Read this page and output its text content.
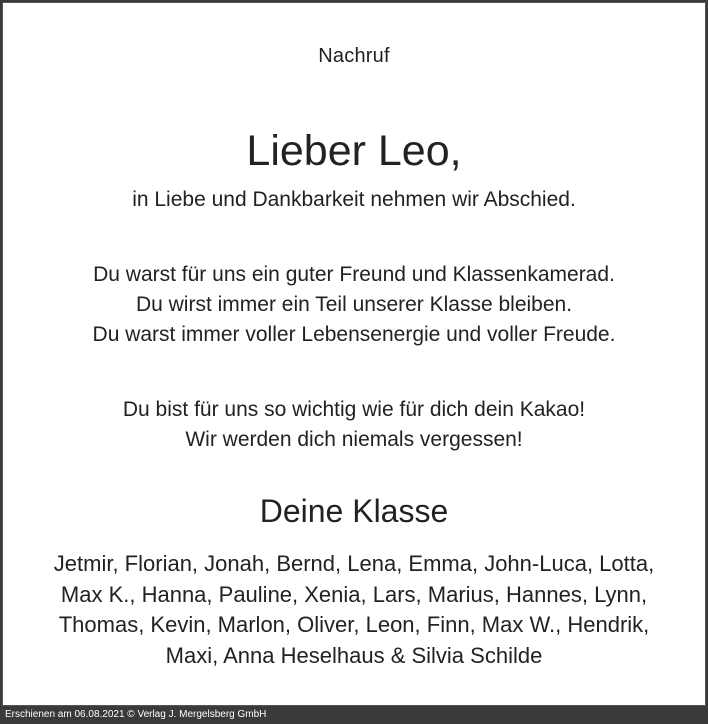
Nachruf
Lieber Leo,
in Liebe und Dankbarkeit nehmen wir Abschied.
Du warst für uns ein guter Freund und Klassenkamerad.
Du wirst immer ein Teil unserer Klasse bleiben.
Du warst immer voller Lebensenergie und voller Freude.
Du bist für uns so wichtig wie für dich dein Kakao!
Wir werden dich niemals vergessen!
Deine Klasse
Jetmir, Florian, Jonah, Bernd, Lena, Emma, John-Luca, Lotta,
Max K., Hanna, Pauline, Xenia, Lars, Marius, Hannes, Lynn,
Thomas, Kevin, Marlon, Oliver, Leon, Finn, Max W., Hendrik,
Maxi, Anna Heselhaus & Silvia Schilde
Erschienen am 06.08.2021 © Verlag J. Mergelsberg GmbH
